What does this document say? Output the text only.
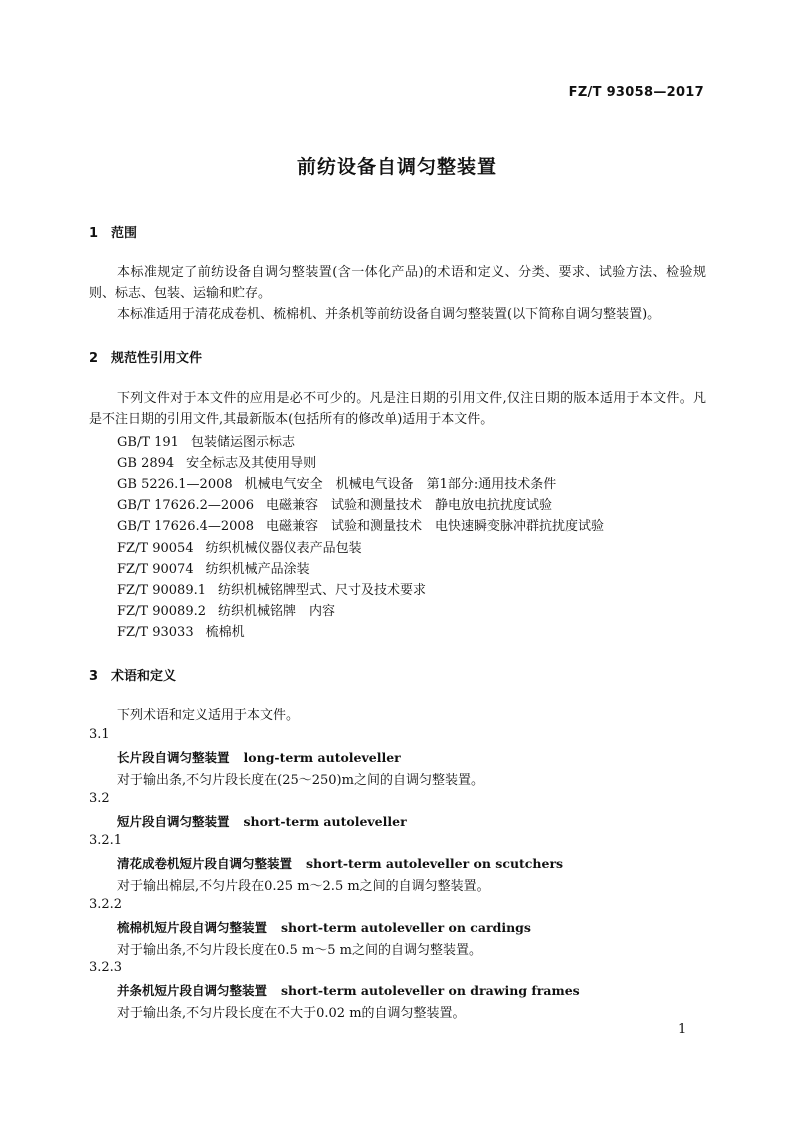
FZ/T 93058—2017
前纺设备自调匀整装置
1 范围
本标准规定了前纺设备自调匀整装置(含一体化产品)的术语和定义、分类、要求、试验方法、检验规则、标志、包装、运输和贮存。
本标准适用于清花成卷机、梳棉机、并条机等前纺设备自调匀整装置(以下简称自调匀整装置)。
2 规范性引用文件
下列文件对于本文件的应用是必不可少的。凡是注日期的引用文件,仅注日期的版本适用于本文件。凡是不注日期的引用文件,其最新版本(包括所有的修改单)适用于本文件。
GB/T 191 包装储运图示标志
GB 2894 安全标志及其使用导则
GB 5226.1—2008 机械电气安全　机械电气设备　第1部分:通用技术条件
GB/T 17626.2—2006 电磁兼容　试验和测量技术　静电放电抗扰度试验
GB/T 17626.4—2008 电磁兼容　试验和测量技术　电快速瞬变脉冲群抗扰度试验
FZ/T 90054 纺织机械仪器仪表产品包装
FZ/T 90074 纺织机械产品涂装
FZ/T 90089.1 纺织机械铭牌型式、尺寸及技术要求
FZ/T 90089.2 纺织机械铭牌　内容
FZ/T 93033 梳棉机
3 术语和定义
下列术语和定义适用于本文件。
3.1
长片段自调匀整装置 long-term autoleveller
对于输出条,不匀片段长度在(25～250)m之间的自调匀整装置。
3.2
短片段自调匀整装置 short-term autoleveller
3.2.1
清花成卷机短片段自调匀整装置 short-term autoleveller on scutchers
对于输出棉层,不匀片段在0.25 m～2.5 m之间的自调匀整装置。
3.2.2
梳棉机短片段自调匀整装置 short-term autoleveller on cardings
对于输出条,不匀片段长度在0.5 m～5 m之间的自调匀整装置。
3.2.3
并条机短片段自调匀整装置 short-term autoleveller on drawing frames
对于输出条,不匀片段长度在不大于0.02 m的自调匀整装置。
1
